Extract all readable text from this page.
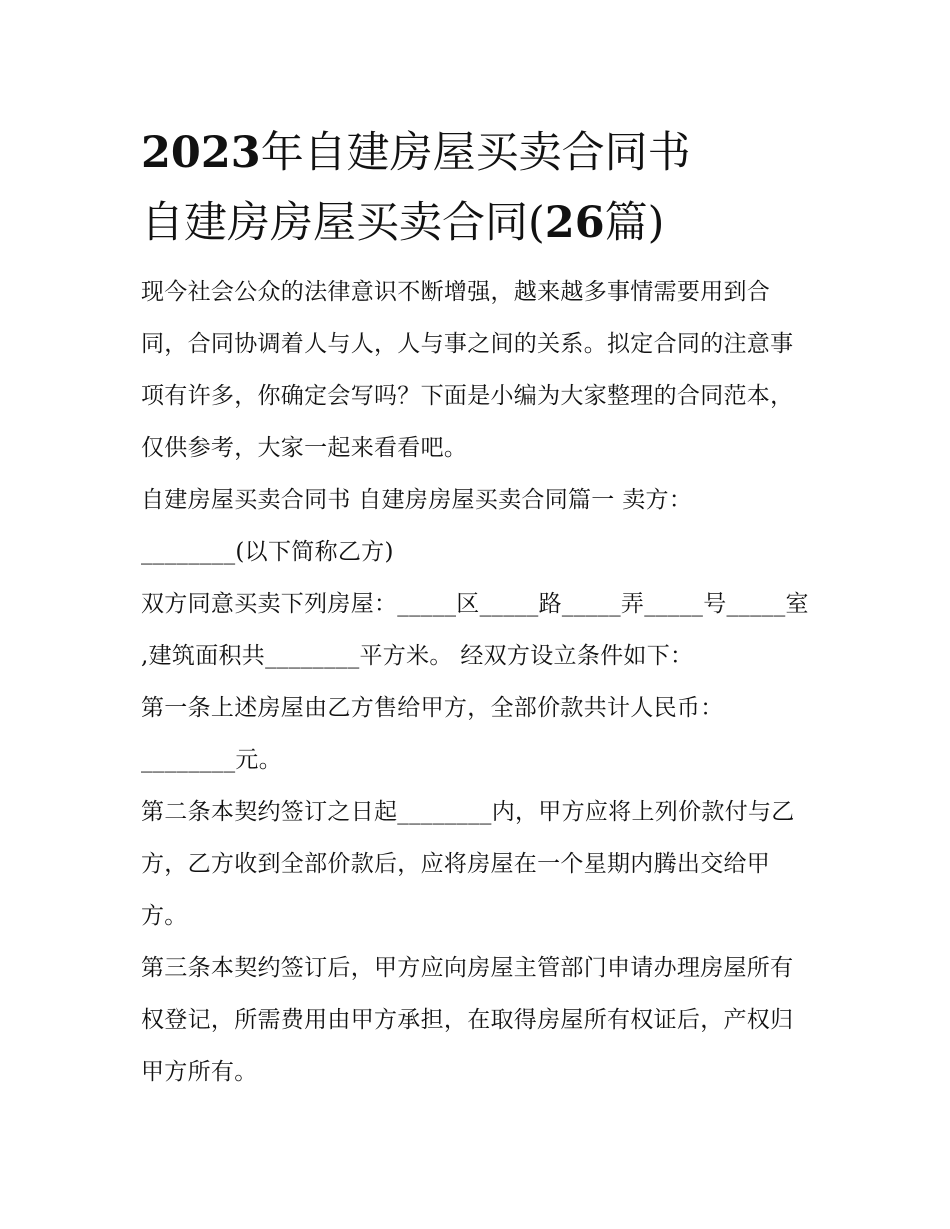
2023年自建房屋买卖合同书
自建房房屋买卖合同(26篇)

现今社会公众的法律意识不断增强，越来越多事情需要用到合同，合同协调着人与人，人与事之间的关系。拟定合同的注意事项有许多，你确定会写吗？下面是小编为大家整理的合同范本，仅供参考，大家一起来看看吧。

自建房屋买卖合同书 自建房房屋买卖合同篇一 卖方：________(以下简称乙方)

双方同意买卖下列房屋：_____区_____路_____弄_____号_____室 ,建筑面积共________平方米。 经双方设立条件如下：

第一条上述房屋由乙方售给甲方，全部价款共计人民币：________元。

第二条本契约签订之日起________内，甲方应将上列价款付与乙方，乙方收到全部价款后，应将房屋在一个星期内腾出交给甲方。

第三条本契约签订后，甲方应向房屋主管部门申请办理房屋所有权登记，所需费用由甲方承担，在取得房屋所有权证后，产权归甲方所有。
